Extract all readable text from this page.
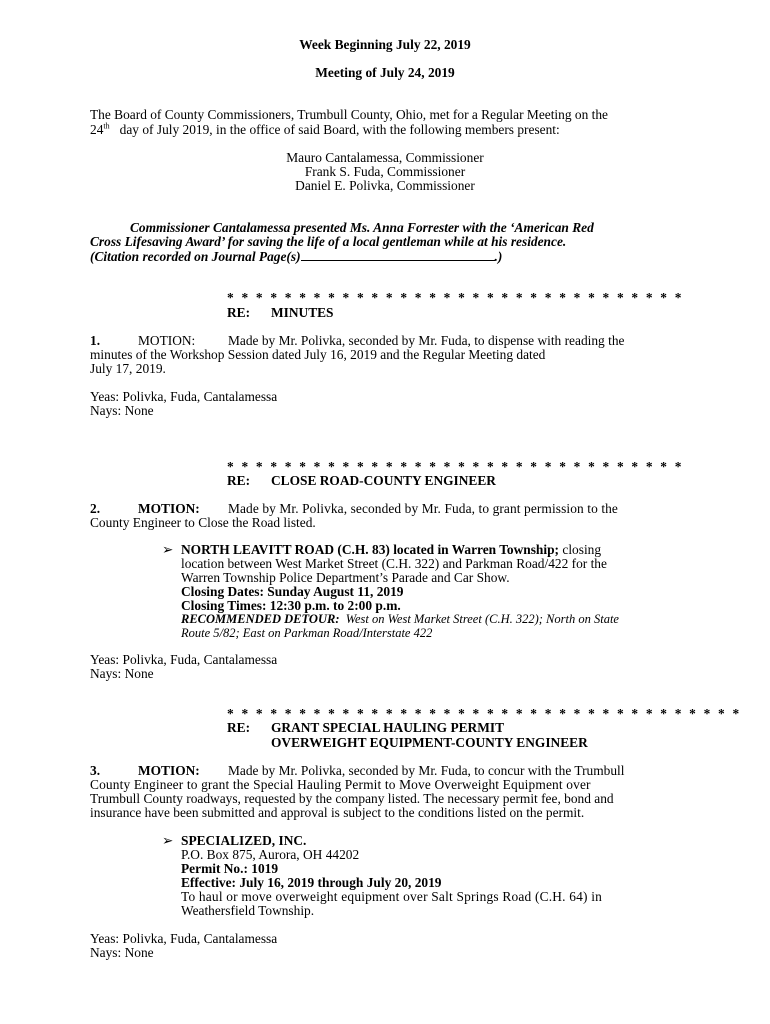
Week Beginning July 22, 2019
Meeting of July 24, 2019
The Board of County Commissioners, Trumbull County, Ohio, met for a Regular Meeting on the
24th day of July 2019, in the office of said Board, with the following members present:
Mauro Cantalamessa, Commissioner
Frank S. Fuda, Commissioner
Daniel E. Polivka, Commissioner
Commissioner Cantalamessa presented Ms. Anna Forrester with the ‘American Red
Cross Lifesaving Award’ for saving the life of a local gentleman while at his residence.
(Citation recorded on Journal Page(s)	.)
* * * * * * * * * * * * * * * * * * * * * * * * * * * * * * * *
RE: MINUTES
1.	MOTION: Made by Mr. Polivka, seconded by Mr. Fuda, to dispense with reading the
minutes of the Workshop Session dated July 16, 2019 and the Regular Meeting dated
July 17, 2019.
Yeas: Polivka, Fuda, Cantalamessa
Nays: None
* * * * * * * * * * * * * * * * * * * * * * * * * * * * * * * *
RE: CLOSE ROAD-COUNTY ENGINEER
2.	MOTION: Made by Mr. Polivka, seconded by Mr. Fuda, to grant permission to the
County Engineer to Close the Road listed.
➢ NORTH LEAVITT ROAD (C.H. 83) located in Warren Township; closing
location between West Market Street (C.H. 322) and Parkman Road/422 for the
Warren Township Police Department’s Parade and Car Show.
Closing Dates: Sunday August 11, 2019
Closing Times: 12:30 p.m. to 2:00 p.m.
RECOMMENDED DETOUR: West on West Market Street (C.H. 322); North on State
Route 5/82; East on Parkman Road/Interstate 422
Yeas: Polivka, Fuda, Cantalamessa
Nays: None
* * * * * * * * * * * * * * * * * * * * * * * * * * * * * * * * * * * *
RE: GRANT SPECIAL HAULING PERMIT
OVERWEIGHT EQUIPMENT-COUNTY ENGINEER
3.	MOTION: Made by Mr. Polivka, seconded by Mr. Fuda, to concur with the Trumbull
County Engineer to grant the Special Hauling Permit to Move Overweight Equipment over
Trumbull County roadways, requested by the company listed. The necessary permit fee, bond and
insurance have been submitted and approval is subject to the conditions listed on the permit.
➢ SPECIALIZED, INC.
P.O. Box 875, Aurora, OH 44202
Permit No.: 1019
Effective: July 16, 2019 through July 20, 2019
To haul or move overweight equipment over Salt Springs Road (C.H. 64) in
Weathersfield Township.
Yeas: Polivka, Fuda, Cantalamessa
Nays: None
